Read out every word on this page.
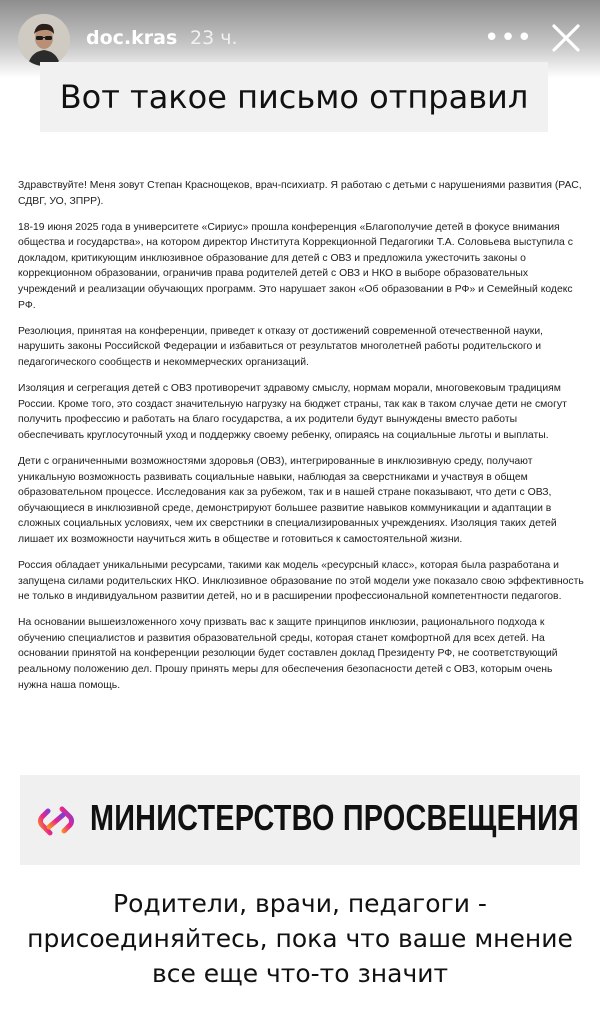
doc.kras 23 ч.	•••
Вот такое письмо отправил

Здравствуйте! Меня зовут Степан Краснощеков, врач-психиатр. Я работаю с детьми с нарушениями развития (РАС, СДВГ, УО, ЗПРР).

18-19 июня 2025 года в университете «Сириус» прошла конференция «Благополучие детей в фокусе внимания общества и государства», на котором директор Института Коррекционной Педагогики Т.А. Соловьева выступила с докладом, критикующим инклюзивное образование для детей с ОВЗ и предложила ужесточить законы о коррекционном образовании, ограничив права родителей детей с ОВЗ и НКО в выборе образовательных учреждений и реализации обучающих программ. Это нарушает закон «Об образовании в РФ» и Семейный кодекс РФ.

Резолюция, принятая на конференции, приведет к отказу от достижений современной отечественной науки, нарушить законы Российской Федерации и избавиться от результатов многолетней работы родительского и педагогического сообществ и некоммерческих организаций.

Изоляция и сегрегация детей с ОВЗ противоречит здравому смыслу, нормам морали, многовековым традициям России. Кроме того, это создаст значительную нагрузку на бюджет страны, так как в таком случае дети не смогут получить профессию и работать на благо государства, а их родители будут вынуждены вместо работы обеспечивать круглосуточный уход и поддержку своему ребенку, опираясь на социальные льготы и выплаты.

Дети с ограниченными возможностями здоровья (ОВЗ), интегрированные в инклюзивную среду, получают уникальную возможность развивать социальные навыки, наблюдая за сверстниками и участвуя в общем образовательном процессе. Исследования как за рубежом, так и в нашей стране показывают, что дети с ОВЗ, обучающиеся в инклюзивной среде, демонстрируют большее развитие навыков коммуникации и адаптации в сложных социальных условиях, чем их сверстники в специализированных учреждениях. Изоляция таких детей лишает их возможности научиться жить в обществе и готовиться к самостоятельной жизни.

Россия обладает уникальными ресурсами, такими как модель «ресурсный класс», которая была разработана и запущена силами родительских НКО. Инклюзивное образование по этой модели уже показало свою эффективность не только в индивидуальном развитии детей, но и в расширении профессиональной компетентности педагогов.

На основании вышеизложенного хочу призвать вас к защите принципов инклюзии, рационального подхода к обучению специалистов и развития образовательной среды, которая станет комфортной для всех детей. На основании принятой на конференции резолюции будет составлен доклад Президенту РФ, не соответствующий реальному положению дел. Прошу принять меры для обеспечения безопасности детей с ОВЗ, которым очень нужна наша помощь.

МИНИСТЕРСТВО ПРОСВЕЩЕНИЯ
Родители, врачи, педагоги -
присоединяйтесь, пока что ваше мнение
все еще что-то значит
